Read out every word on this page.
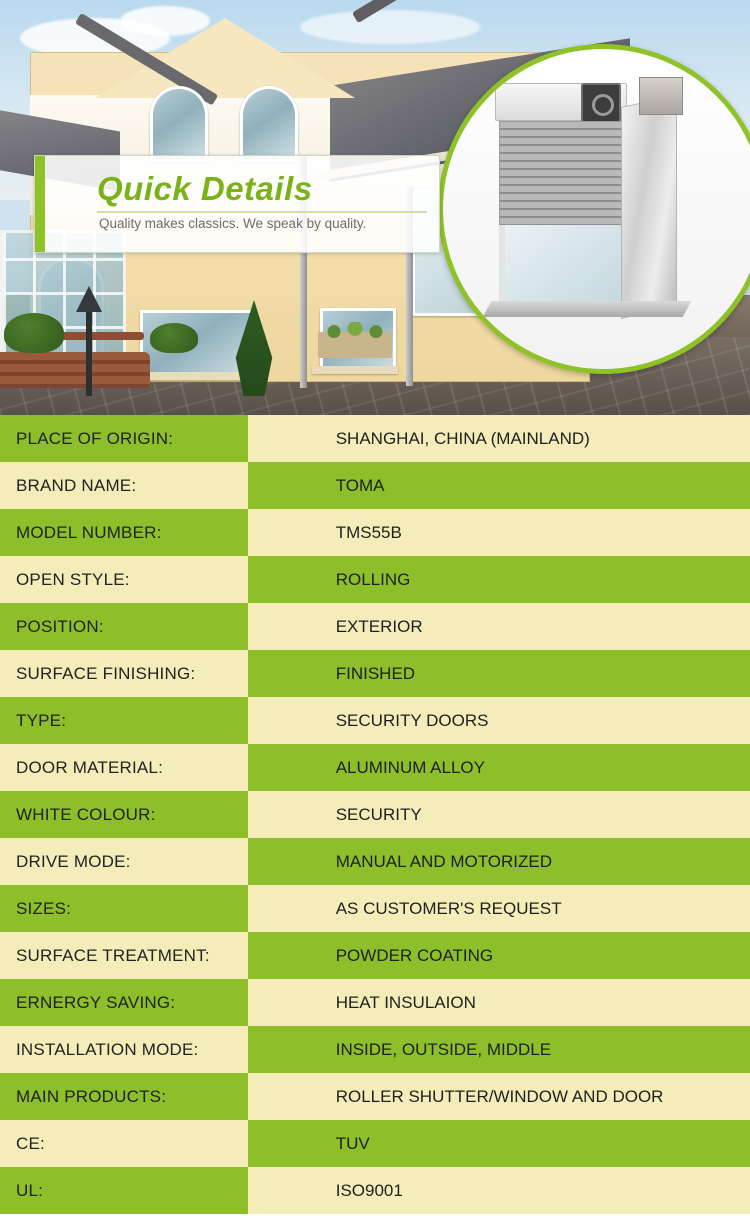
Quick Details
Quality makes classics. We speak by quality.
PLACE OF ORIGIN:	SHANGHAI, CHINA (MAINLAND)
BRAND NAME:	TOMA
MODEL NUMBER:	TMS55B
OPEN STYLE:	ROLLING
POSITION:	EXTERIOR
SURFACE FINISHING:	FINISHED
TYPE:	SECURITY DOORS
DOOR MATERIAL:	ALUMINUM ALLOY
WHITE COLOUR:	SECURITY
DRIVE MODE:	MANUAL AND MOTORIZED
SIZES:	AS CUSTOMER'S REQUEST
SURFACE TREATMENT:	POWDER COATING
ERNERGY SAVING:	HEAT INSULAION
INSTALLATION MODE:	INSIDE, OUTSIDE, MIDDLE
MAIN PRODUCTS:	ROLLER SHUTTER/WINDOW AND DOOR
CE:	TUV
UL:	ISO9001
